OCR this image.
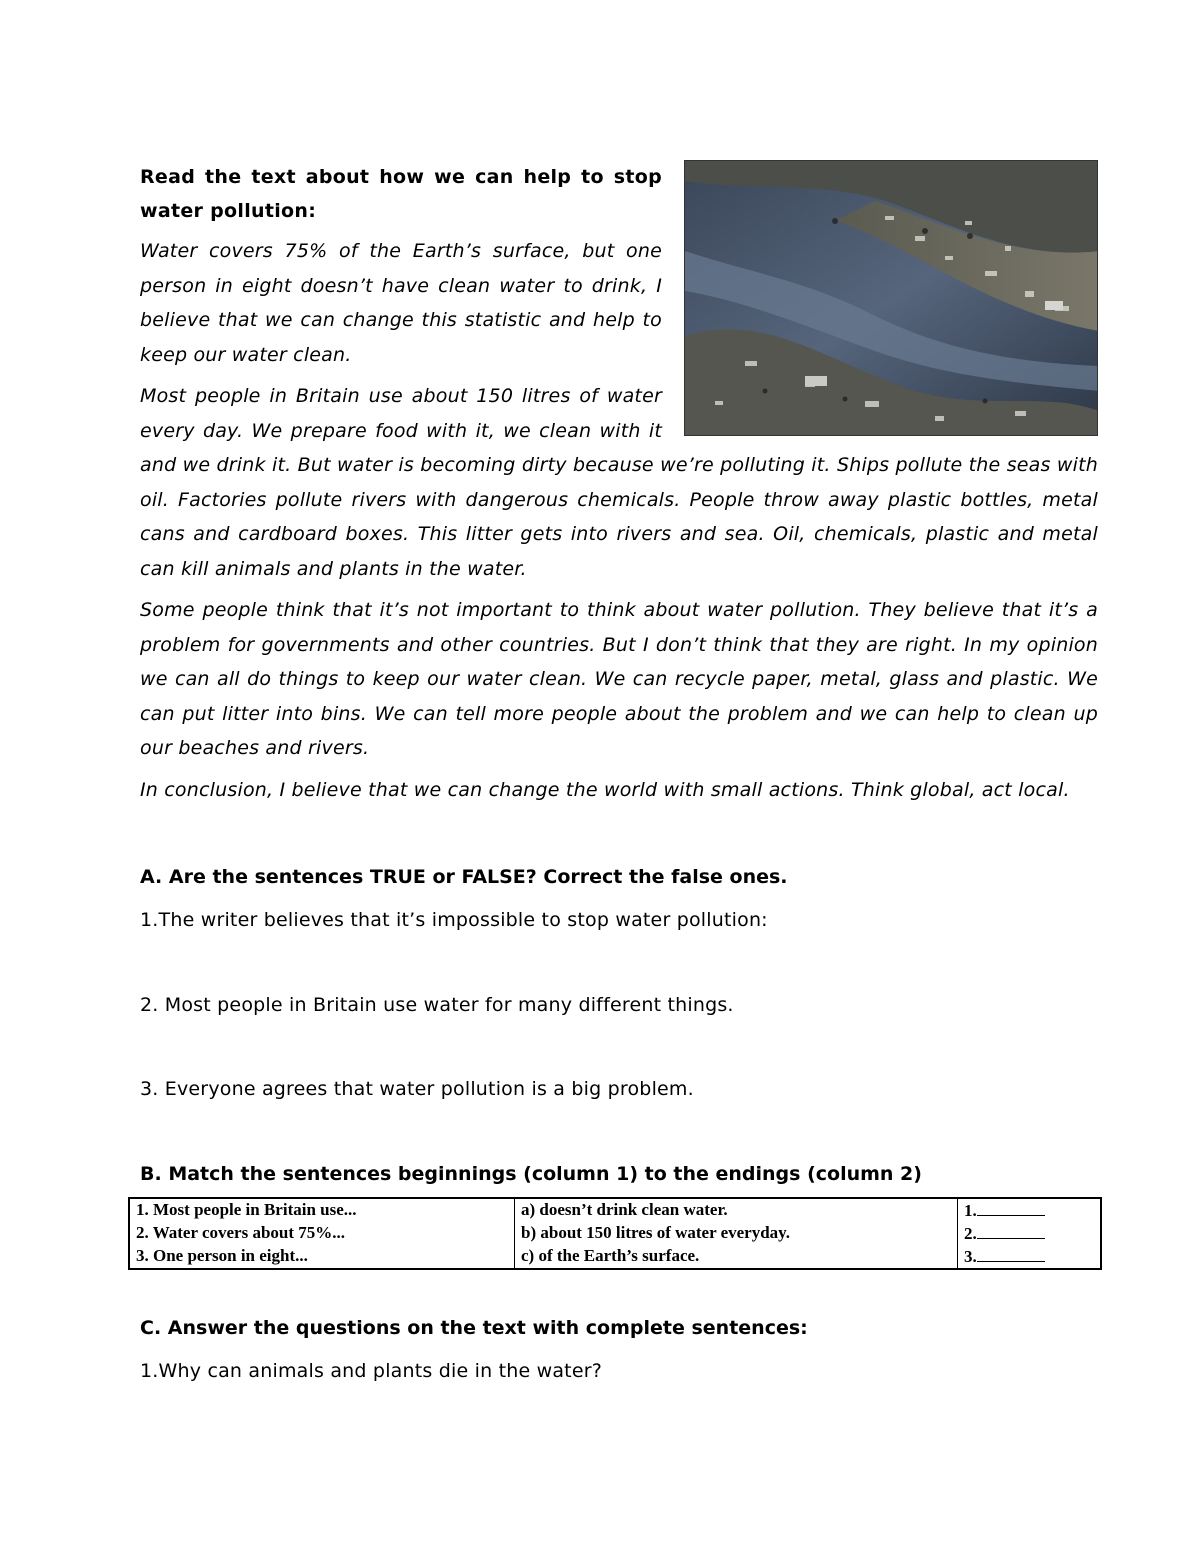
Read the text about how we can help to stop water pollution:

Water covers 75% of the Earth’s surface, but one person in eight doesn’t have clean water to drink, I believe that we can change this statistic and help to keep our water clean.

Most people in Britain use about 150 litres of water every day. We prepare food with it, we clean with it and we drink it. But water is becoming dirty because we’re polluting it. Ships pollute the seas with oil. Factories pollute rivers with dangerous chemicals. People throw away plastic bottles, metal cans and cardboard boxes. This litter gets into rivers and sea. Oil, chemicals, plastic and metal can kill animals and plants in the water.

Some people think that it’s not important to think about water pollution. They believe that it’s a problem for governments and other countries. But I don’t think that they are right. In my opinion we can all do things to keep our water clean. We can recycle paper, metal, glass and plastic. We can put litter into bins. We can tell more people about the problem and we can help to clean up our beaches and rivers.

In conclusion, I believe that we can change the world with small actions. Think global, act local.

A. Are the sentences TRUE or FALSE? Correct the false ones.

1.The writer believes that it’s impossible to stop water pollution:

2. Most people in Britain use water for many different things.

3. Everyone agrees that water pollution is a big problem.

B. Match the sentences beginnings (column 1) to the endings (column 2)

1. Most people in Britain use...	a) doesn’t drink clean water.	1.
2. Water covers about 75%...	b) about 150 litres of water everyday.	2.
3. One person in eight...	c) of the Earth’s surface.	3.

C. Answer the questions on the text with complete sentences:

1.Why can animals and plants die in the water?
